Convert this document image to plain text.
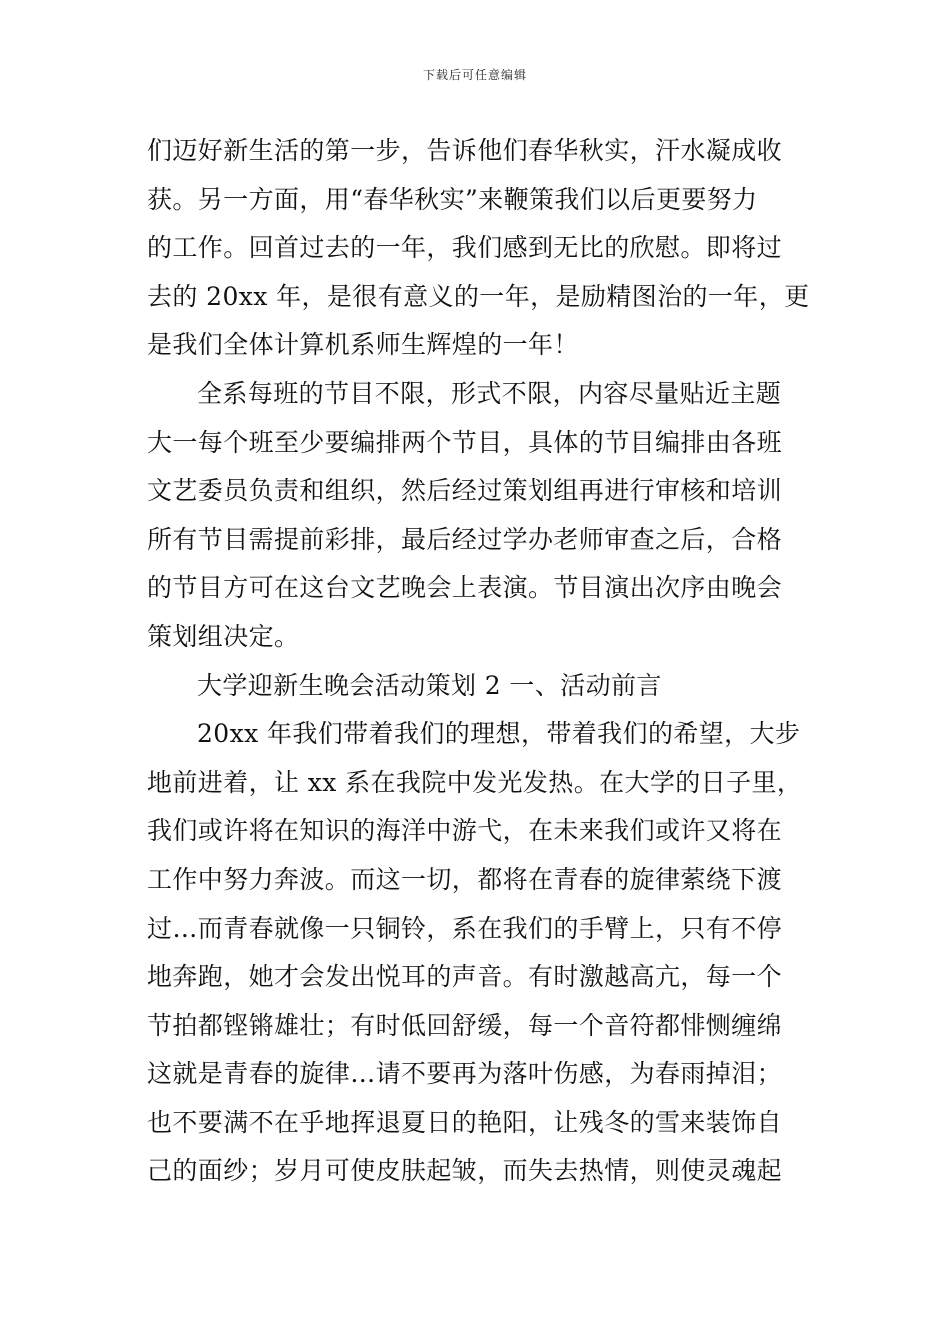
下载后可任意编辑
们迈好新生活的第一步，告诉他们春华秋实，汗水凝成收
获。另一方面，用“春华秋实”来鞭策我们以后更要努力
的工作。回首过去的一年，我们感到无比的欣慰。即将过
去的 20xx 年，是很有意义的一年，是励精图治的一年，更
是我们全体计算机系师生辉煌的一年！
全系每班的节目不限，形式不限，内容尽量贴近主题
大一每个班至少要编排两个节目，具体的节目编排由各班
文艺委员负责和组织，然后经过策划组再进行审核和培训
所有节目需提前彩排，最后经过学办老师审查之后，合格
的节目方可在这台文艺晚会上表演。节目演出次序由晚会
策划组决定。
大学迎新生晚会活动策划 2 一、活动前言
20xx 年我们带着我们的理想，带着我们的希望，大步
地前进着，让 xx 系在我院中发光发热。在大学的日子里，
我们或许将在知识的海洋中游弋，在未来我们或许又将在
工作中努力奔波。而这一切，都将在青春的旋律萦绕下渡
过…而青春就像一只铜铃，系在我们的手臂上，只有不停
地奔跑，她才会发出悦耳的声音。有时激越高亢，每一个
节拍都铿锵雄壮；有时低回舒缓，每一个音符都悱恻缠绵
这就是青春的旋律…请不要再为落叶伤感，为春雨掉泪；
也不要满不在乎地挥退夏日的艳阳，让残冬的雪来装饰自
己的面纱；岁月可使皮肤起皱，而失去热情，则使灵魂起
